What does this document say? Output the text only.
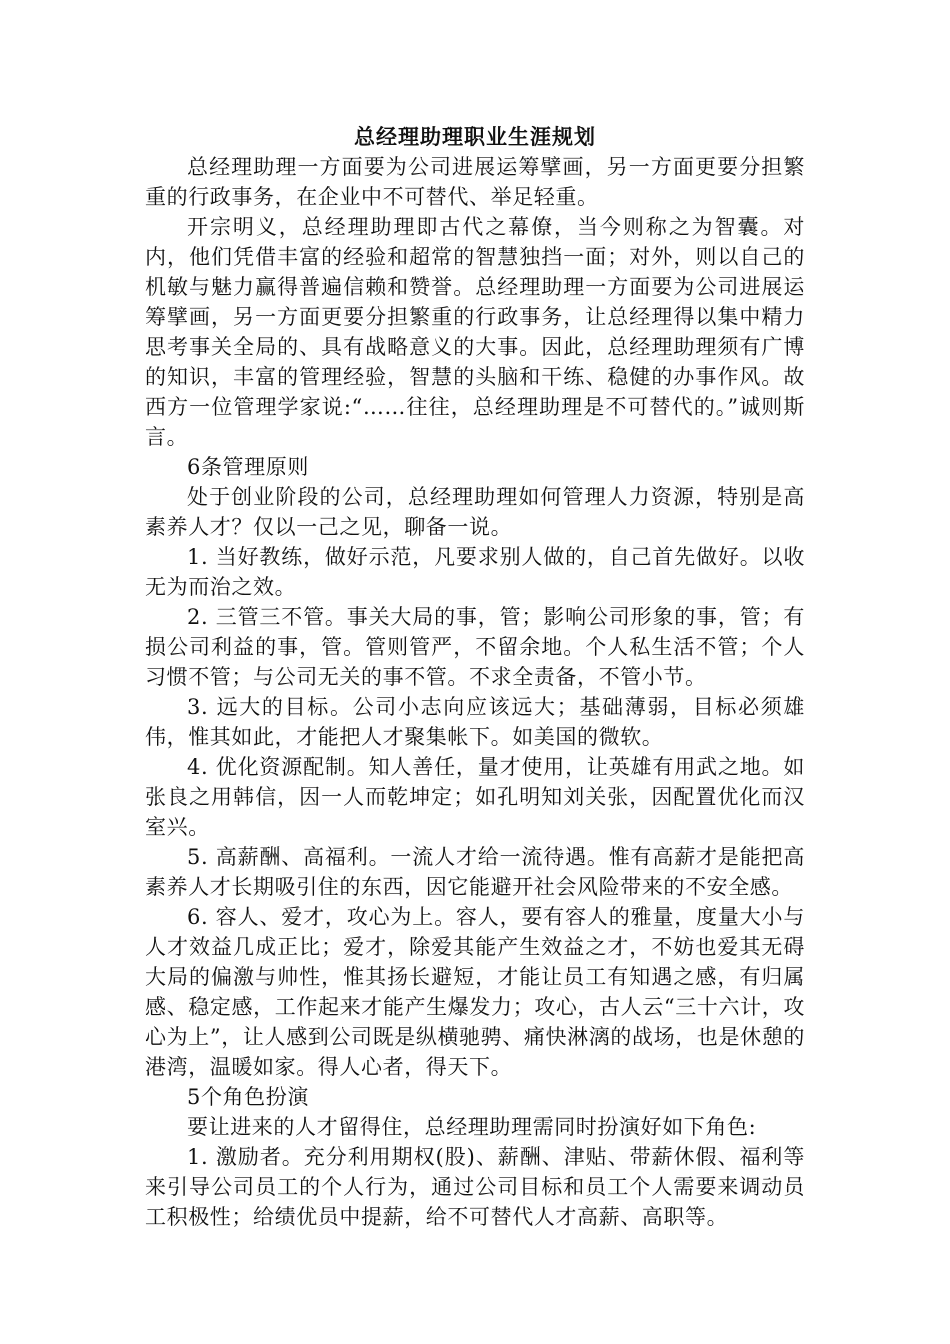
总经理助理职业生涯规划

总经理助理一方面要为公司进展运筹擘画，另一方面更要分担繁重的行政事务，在企业中不可替代、举足轻重。

开宗明义，总经理助理即古代之幕僚，当今则称之为智囊。对内，他们凭借丰富的经验和超常的智慧独挡一面；对外，则以自己的机敏与魅力赢得普遍信赖和赞誉。总经理助理一方面要为公司进展运筹擘画，另一方面更要分担繁重的行政事务，让总经理得以集中精力思考事关全局的、具有战略意义的大事。因此，总经理助理须有广博的知识，丰富的管理经验，智慧的头脑和干练、稳健的办事作风。故西方一位管理学家说:“……往往，总经理助理是不可替代的。”诚则斯言。

6条管理原则

处于创业阶段的公司，总经理助理如何管理人力资源，特别是高素养人才？仅以一己之见，聊备一说。

1. 当好教练，做好示范，凡要求别人做的，自己首先做好。以收无为而治之效。

2. 三管三不管。事关大局的事，管；影响公司形象的事，管；有损公司利益的事，管。管则管严，不留余地。个人私生活不管；个人习惯不管；与公司无关的事不管。不求全责备，不管小节。

3. 远大的目标。公司小志向应该远大；基础薄弱，目标必须雄伟，惟其如此，才能把人才聚集帐下。如美国的微软。

4. 优化资源配制。知人善任，量才使用，让英雄有用武之地。如张良之用韩信，因一人而乾坤定；如孔明知刘关张，因配置优化而汉室兴。

5. 高薪酬、高福利。一流人才给一流待遇。惟有高薪才是能把高素养人才长期吸引住的东西，因它能避开社会风险带来的不安全感。

6. 容人、爱才，攻心为上。容人，要有容人的雅量，度量大小与人才效益几成正比；爱才，除爱其能产生效益之才，不妨也爱其无碍大局的偏激与帅性，惟其扬长避短，才能让员工有知遇之感，有归属感、稳定感，工作起来才能产生爆发力；攻心，古人云“三十六计，攻心为上”，让人感到公司既是纵横驰骋、痛快淋漓的战场，也是休憩的港湾，温暖如家。得人心者，得天下。

5个角色扮演

要让进来的人才留得住，总经理助理需同时扮演好如下角色:

1. 激励者。充分利用期权(股)、薪酬、津贴、带薪休假、福利等来引导公司员工的个人行为，通过公司目标和员工个人需要来调动员工积极性；给绩优员中提薪，给不可替代人才高薪、高职等。
